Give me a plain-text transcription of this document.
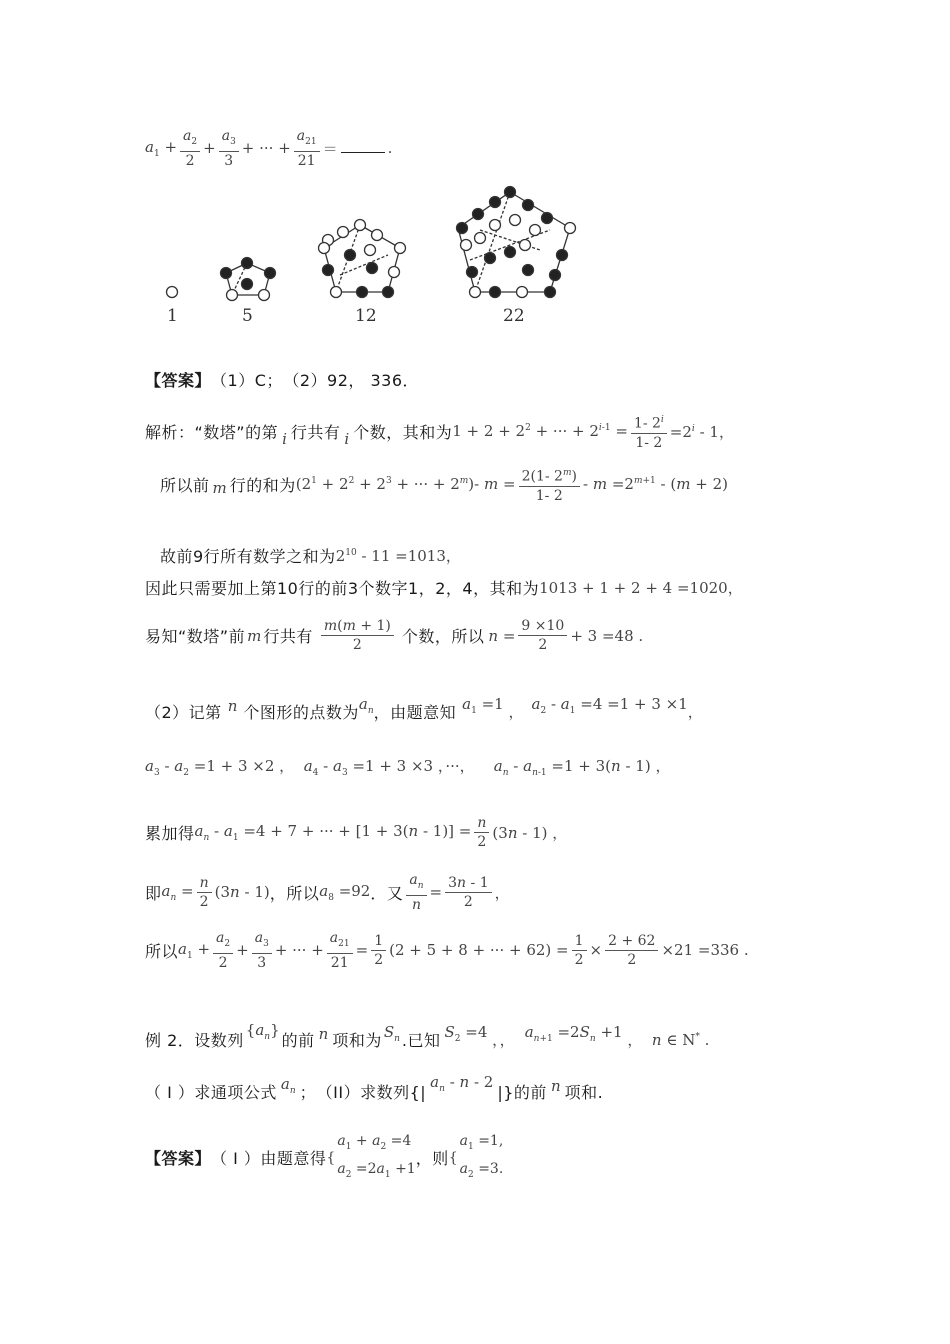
$a_1 + \frac{a_2}{2} + \frac{a_3}{3}$ + ··· + $\frac{a_{21}}{21}$ ＝	.
1	5	12	22
【答案】 （1）C；　（2）92， 336．
解析：“数塔”的第 i 行共有 i 个数，其和为 $1 + 2 + 2^2$ + ··· + $2^{i-1} = \frac{1- 2^i}{1- 2} =2^i - 1$，
所以前 m 行的和为 ($2^1 + 2^2 + 2^3$ + ··· + $2^m)-$ $m = \frac{2(1- 2^m)}{1- 2} - m =2^{m+1} - (m + 2)$
故前9行所有数学之和为 $2^{10} - 11 =1013$，
因此只需要加上第10行的前3个数字1，2，4，其和为 1013 + 1 + 2 + 4 =1020，
易知“数塔”前 m 行共有 $\frac{m(m + 1)}{2}$ 个数，所以 $n = \frac{9 \times 10}{2} + 3 =48$ .
（2）记第 n 个图形的点数为 $a_n$ ，由题意知 $a_1 =1$ ， $a_2 - a_1 =4 =1 + 3 \times 1$ ，
$a_3 - a_2 =1 + 3 \times 2$ ，  $a_4 - a_3 =1 + 3 \times 3$ ，···，    $a_n - a_{n-1} =1 + 3(n - 1)$ ，
累加得 $a_n - a_1 =4 + 7$ + ··· + $[1 + 3(n - 1)] = \frac{n}{2} (3n - 1)$ ，
即 $a_n = \frac{n}{2} (3n - 1)$ ，所以 $a_8 =92$ ．又 $\frac{a_n}{n} = \frac{3n - 1}{2}$ ，
所以 $a_1 + \frac{a_2}{2} + \frac{a_3}{3}$ + ··· + $\frac{a_{21}}{21} = \frac{1}{2} (2 + 5 + 8$ + ··· + $62) = \frac{1}{2} \times \frac{2 + 62}{2} \times 21 =336$ .
例 2．设数列
$\{a_n\}$
的前 n 项和为 $S_n$ .已知 $S_2 =4$ ，， $a_{n+1} =2S_n +1$ ，  n ∈ N* .
（ I ）求通项公式 $a_n$ ；　（II）求数列{|
$a_n$ - n - 2
|}的前 n 项和.
【答案】 （ I ）由题意得 {
$a_1 + a_2 =4$
$a_2 =2a_1 +1$
，则 {
$a_1 =1$,
$a_2 =3$.
